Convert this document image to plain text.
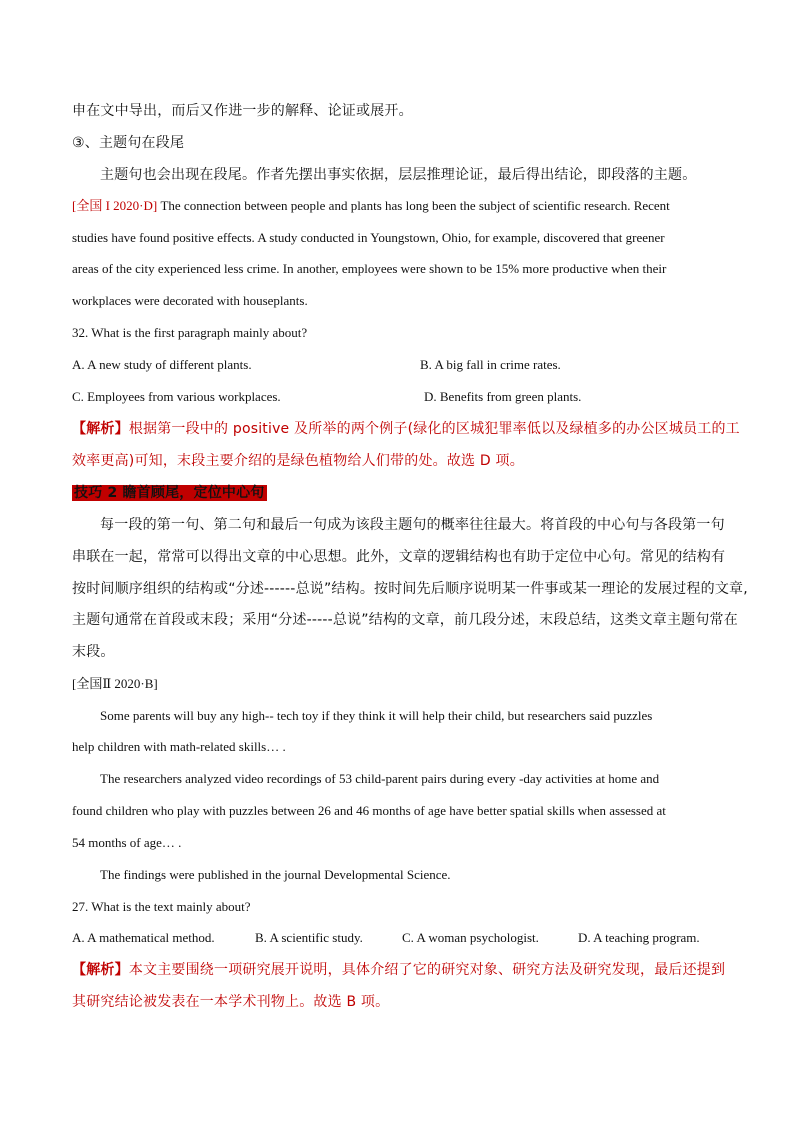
申在文中导出，而后又作进一步的解释、论证或展开。
③、主题句在段尾
主题句也会出现在段尾。作者先摆出事实依据，层层推理论证，最后得出结论，即段落的主题。
[全国 I 2020·D] The connection between people and plants has long been the subject of scientific research. Recent
studies have found positive effects. A study conducted in Youngstown, Ohio, for example, discovered that greener
areas of the city experienced less crime. In another, employees were shown to be 15% more productive when their
workplaces were decorated with houseplants.
32. What is the first paragraph mainly about?
A. A new study of different plants.	B. A big fall in crime rates.
C. Employees from various workplaces.	D. Benefits from green plants.
【解析】根据第一段中的 positive 及所举的两个例子(绿化的区城犯罪率低以及绿植多的办公区城员工的工
效率更高)可知，末段主要介绍的是绿色植物给人们带的处。故选 D 项。
技巧 2 瞻首顾尾，定位中心句
每一段的第一句、第二句和最后一句成为该段主题句的概率往往最大。将首段的中心句与各段第一句
串联在一起，常常可以得出文章的中心思想。此外，文章的逻辑结构也有助于定位中心句。常见的结构有
按时间顺序组织的结构或“分述------总说”结构。按时间先后顺序说明某一件事或某一理论的发展过程的文章,
主题句通常在首段或末段；采用“分述-----总说”结构的文章，前几段分述，末段总结，这类文章主题句常在
末段。
[全国Ⅱ 2020·B]
Some parents will buy any high-- tech toy if they think it will help their child, but researchers said puzzles
help children with math-related skills… .
The researchers analyzed video recordings of 53 child-parent pairs during every -day activities at home and
found children who play with puzzles between 26 and 46 months of age have better spatial skills when assessed at
54 months of age… .
The findings were published in the journal Developmental Science.
27. What is the text mainly about?
A. A mathematical method.	B. A scientific study.	C. A woman psychologist.	D. A teaching program.
【解析】本文主要围绕一项研究展开说明，具体介绍了它的研究对象、研究方法及研究发现，最后还提到
其研究结论被发表在一本学术刊物上。故选 B 项。
